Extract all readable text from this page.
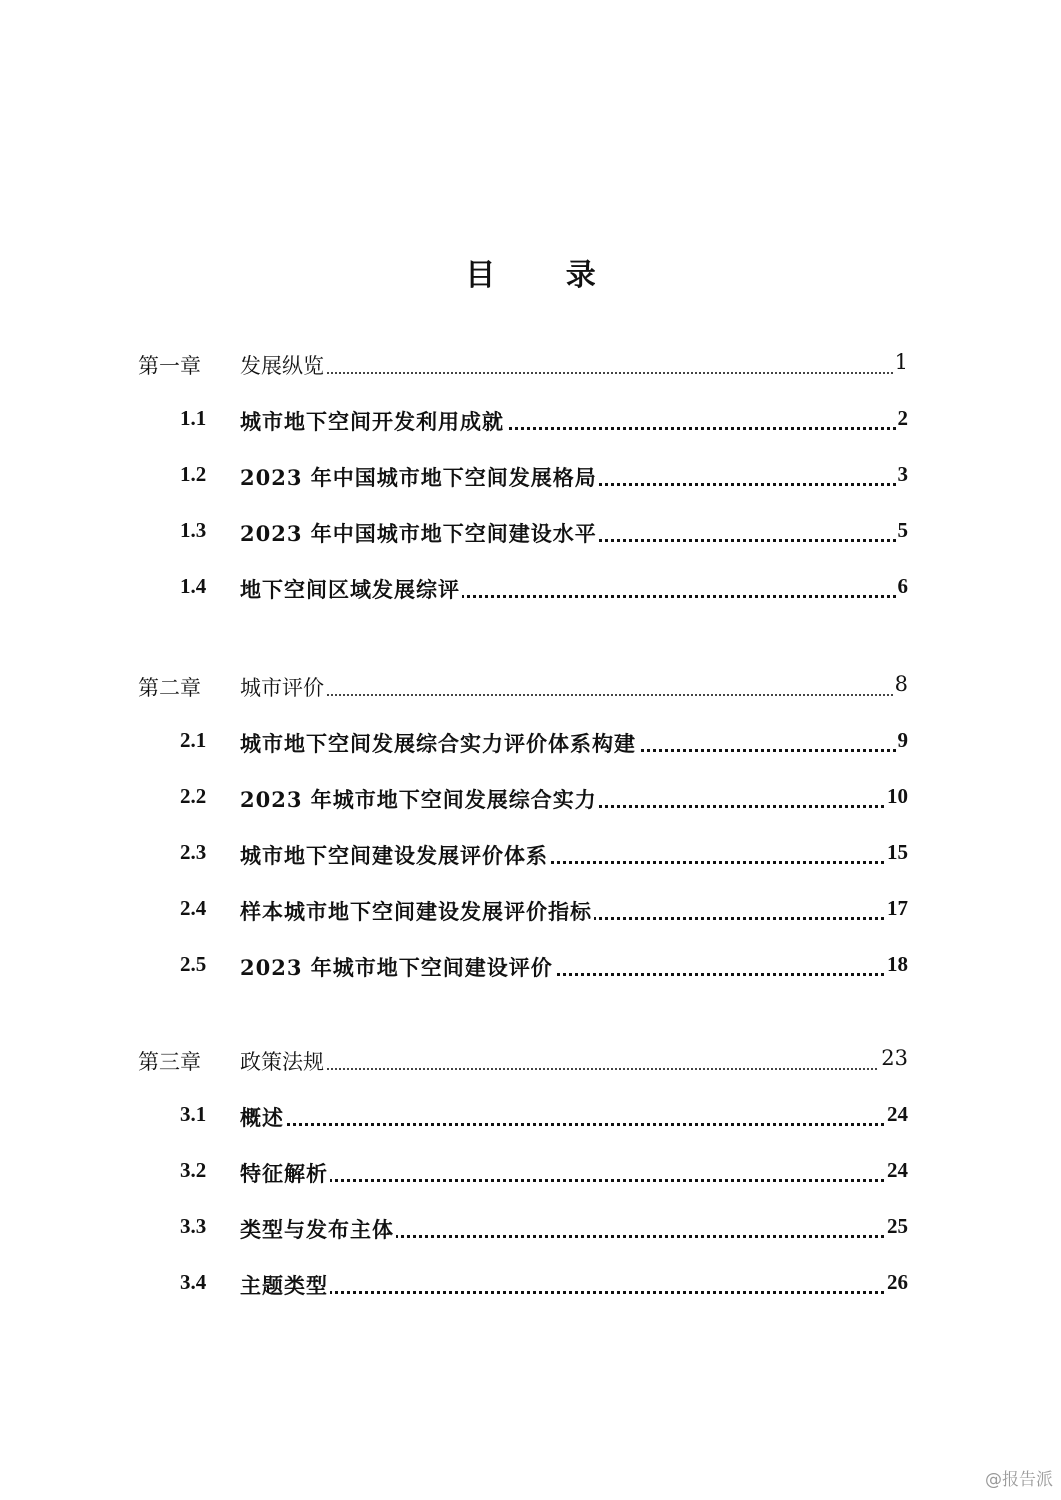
目 录
第一章 发展纵览	1
1.1 城市地下空间开发利用成就	2
1.2 2023 年中国城市地下空间发展格局	3
1.3 2023 年中国城市地下空间建设水平	5
1.4 地下空间区域发展综评	6
第二章 城市评价	8
2.1 城市地下空间发展综合实力评价体系构建	9
2.2 2023 年城市地下空间发展综合实力	10
2.3 城市地下空间建设发展评价体系	15
2.4 样本城市地下空间建设发展评价指标	17
2.5 2023 年城市地下空间建设评价	18
第三章 政策法规	23
3.1 概述	24
3.2 特征解析	24
3.3 类型与发布主体	25
3.4 主题类型	26
@报告派
